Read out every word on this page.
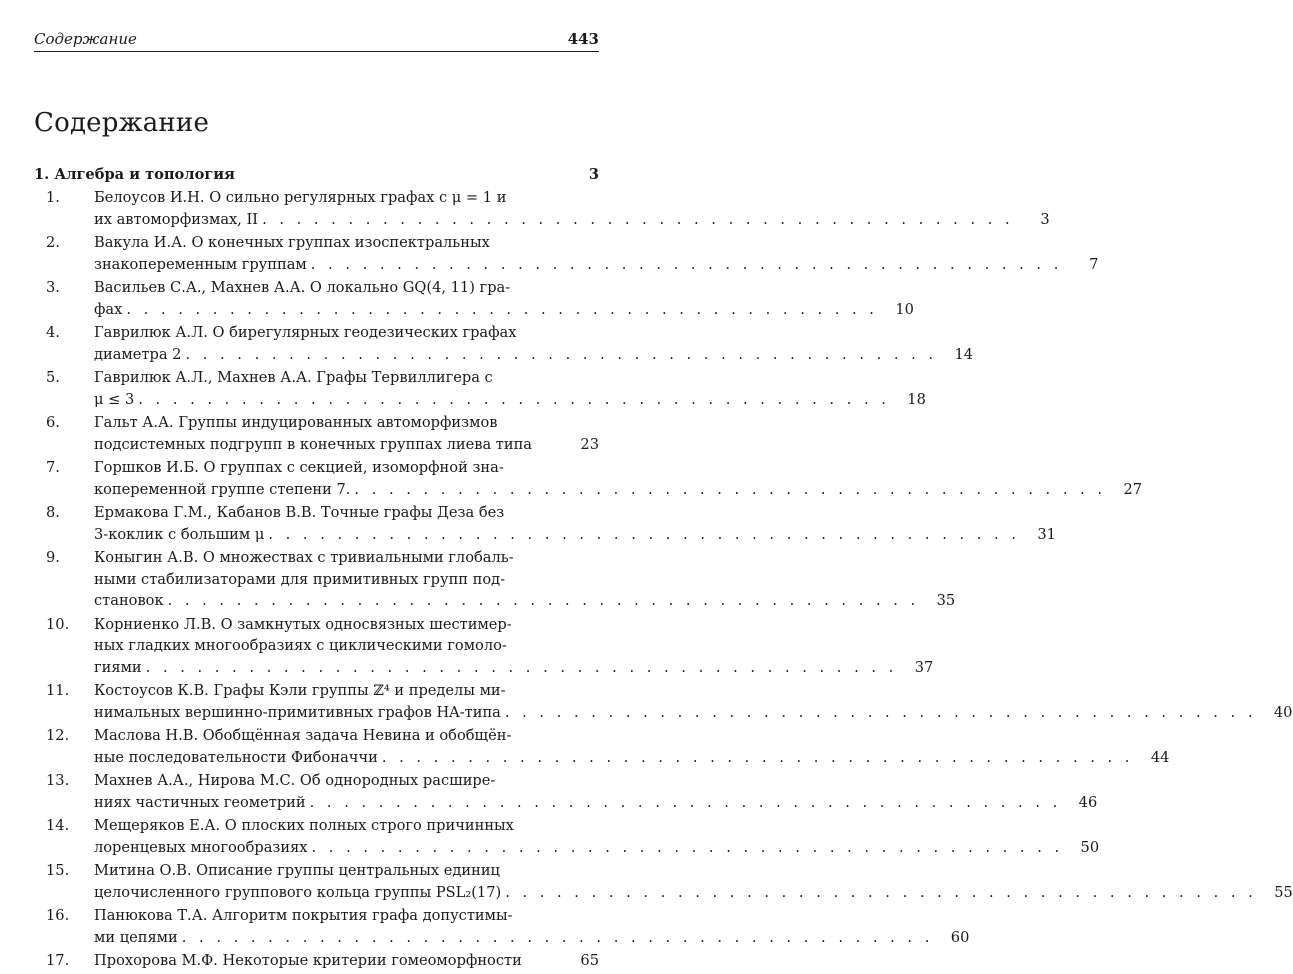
Содержание	443
Содержание
1. Алгебра и топология	3
1.	Белоусов И.Н. О сильно регулярных графах с μ = 1 и
их автоморфизмах, II . . . . . . . . . . . . . . . . . . . . . . . . . . . . . . . . . . . . . . . . . . . .	3
2.	Вакула И.А. О конечных группах изоспектральных
знакопеременным группам . . . . . . . . . . . . . . . . . . . . . . . . . . . . . . . . . . . . . . . . . . . .	7
3.	Васильев С.А., Махнев А.А. О локально GQ(4, 11) гра-
фах . . . . . . . . . . . . . . . . . . . . . . . . . . . . . . . . . . . . . . . . . . . .	10
4.	Гаврилюк А.Л. О бирегулярных геодезических графах
диаметра 2 . . . . . . . . . . . . . . . . . . . . . . . . . . . . . . . . . . . . . . . . . . . .	14
5.	Гаврилюк А.Л., Махнев А.А. Графы Тервиллигера с
μ ≤ 3 . . . . . . . . . . . . . . . . . . . . . . . . . . . . . . . . . . . . . . . . . . . .	18
6.	Гальт А.А. Группы индуцированных автоморфизмов
подсистемных подгрупп в конечных группах лиева типа	23
7.	Горшков И.Б. О группах с секцией, изоморфной зна-
копеременной группе степени 7. . . . . . . . . . . . . . . . . . . . . . . . . . . . . . . . . . . . . . . . . . . . .	27
8.	Ермакова Г.М., Кабанов В.В. Точные графы Деза без
3-коклик с большим μ . . . . . . . . . . . . . . . . . . . . . . . . . . . . . . . . . . . . . . . . . . . .	31
9.	Коныгин А.В. О множествах с тривиальными глобаль-
ными стабилизаторами для примитивных групп под-
становок . . . . . . . . . . . . . . . . . . . . . . . . . . . . . . . . . . . . . . . . . . . .	35
10.	Корниенко Л.В. О замкнутых односвязных шестимер-
ных гладких многообразиях с циклическими гомоло-
гиями . . . . . . . . . . . . . . . . . . . . . . . . . . . . . . . . . . . . . . . . . . . .	37
11.	Костоусов К.В. Графы Кэли группы ℤ⁴ и пределы ми-
нимальных вершинно-примитивных графов HA-типа . . . . . . . . . . . . . . . . . . . . . . . . . . . . . . . . . . . . . . . . . . . .	40
12.	Маслова Н.В. Обобщённая задача Невина и обобщён-
ные последовательности Фибоначчи . . . . . . . . . . . . . . . . . . . . . . . . . . . . . . . . . . . . . . . . . . . .	44
13.	Махнев А.А., Нирова М.С. Об однородных расшире-
ниях частичных геометрий . . . . . . . . . . . . . . . . . . . . . . . . . . . . . . . . . . . . . . . . . . . .	46
14.	Мещеряков Е.А. О плоских полных строго причинных
лоренцевых многообразиях . . . . . . . . . . . . . . . . . . . . . . . . . . . . . . . . . . . . . . . . . . . .	50
15.	Митина О.В. Описание группы центральных единиц
целочисленного группового кольца группы PSL₂(17) . . . . . . . . . . . . . . . . . . . . . . . . . . . . . . . . . . . . . . . . . . . .	55
16.	Панюкова Т.А. Алгоритм покрытия графа допустимы-
ми цепями . . . . . . . . . . . . . . . . . . . . . . . . . . . . . . . . . . . . . . . . . . . .	60
17.	Прохорова М.Ф. Некоторые критерии гомеоморфности	65
